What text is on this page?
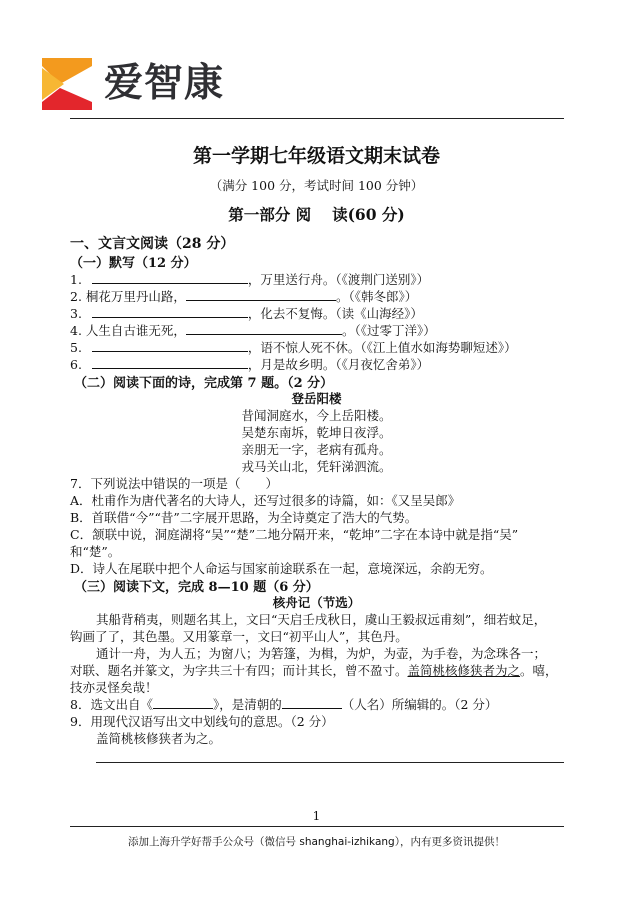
爱智康
第一学期七年级语文期末试卷
（满分 100 分，考试时间 100 分钟）
第一部分 阅　 读(60 分)
一、文言文阅读（28 分）
（一）默写（12 分）
1.	，万里送行舟。（《渡荆门送别》）
2. 桐花万里丹山路，	。（《韩冬郎》）
3.	，化去不复悔。（读《山海经》）
4. 人生自古谁无死，	。（《过零丁洋》）
5.	，语不惊人死不休。（《江上值水如海势聊短述》）
6.	，月是故乡明。（《月夜忆舍弟》）
（二）阅读下面的诗，完成第 7 题。（2 分）
登岳阳楼
昔闻洞庭水，今上岳阳楼。
吴楚东南坼，乾坤日夜浮。
亲朋无一字，老病有孤舟。
戎马关山北，凭轩涕泗流。
7．下列说法中错误的一项是（　　）
A．杜甫作为唐代著名的大诗人，还写过很多的诗篇，如：《又呈吴郎》
B．首联借“今”“昔”二字展开思路，为全诗奠定了浩大的气势。
C．颔联中说，洞庭湖将“吴”“楚”二地分隔开来，“乾坤”二字在本诗中就是指“吴”
和“楚”。
D．诗人在尾联中把个人命运与国家前途联系在一起，意境深远，余韵无穷。
（三）阅读下文，完成 8—10 题（6 分）
核舟记（节选）
其船背稍夷，则题名其上，文曰“天启壬戌秋日，虞山王毅叔远甫刻”，细若蚊足，
钩画了了，其色墨。又用篆章一，文曰“初平山人”，其色丹。
通计一舟，为人五；为窗八；为箬篷，为楫，为炉，为壶，为手卷，为念珠各一；
对联、题名并篆文，为字共三十有四；而计其长，曾不盈寸。盖简桃核修狭者为之。嘻，
技亦灵怪矣哉！
8．选文出自《	》，是清朝的	（人名）所编辑的。（2 分）
9．用现代汉语写出文中划线句的意思。（2 分）
盖简桃核修狭者为之。
1
添加上海升学好帮手公众号（微信号 shanghai-izhikang），内有更多资讯提供！
